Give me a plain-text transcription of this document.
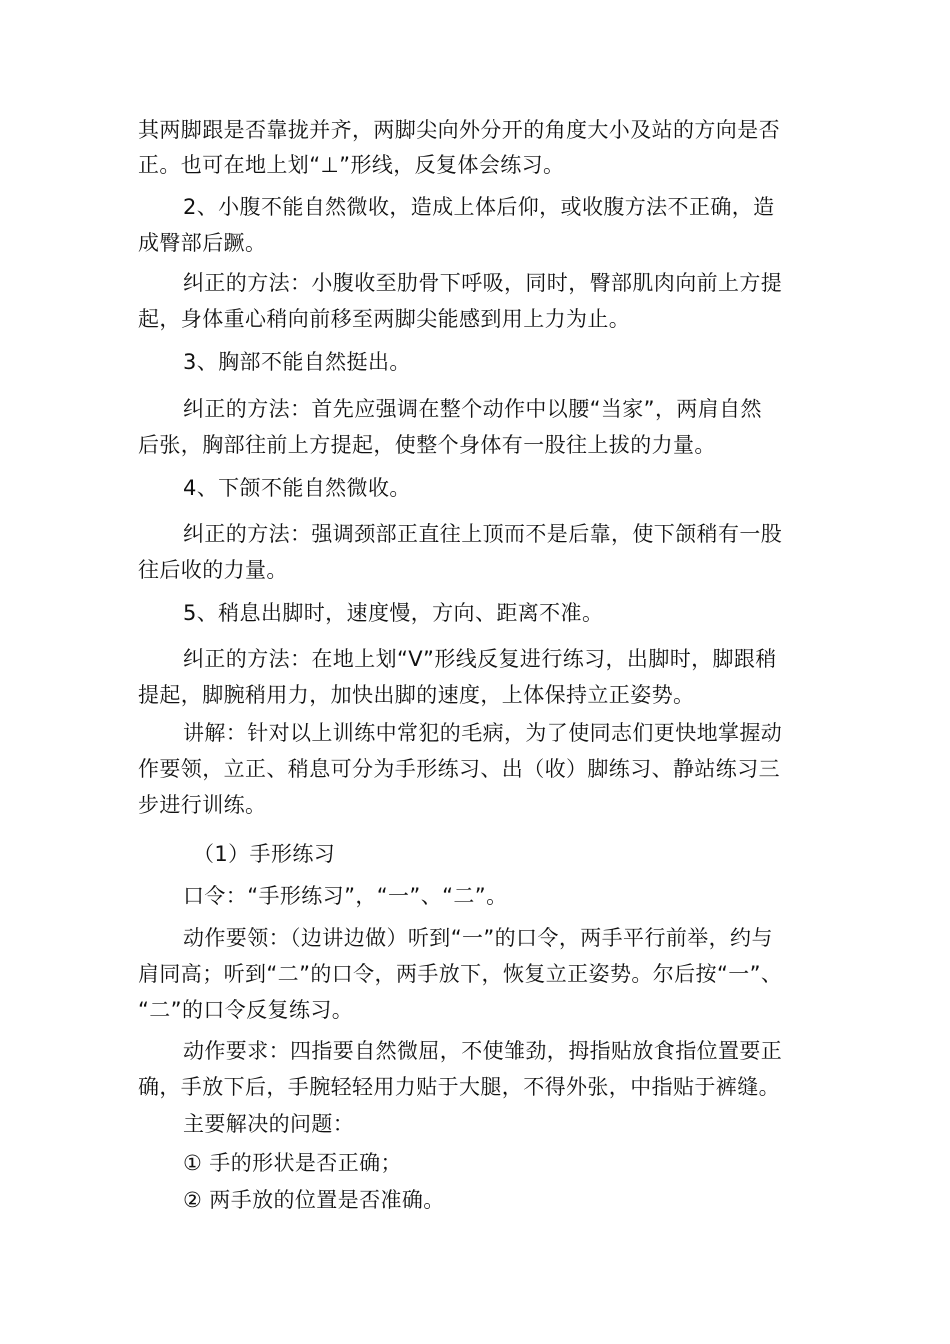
其两脚跟是否靠拢并齐，两脚尖向外分开的角度大小及站的方向是否
正。也可在地上划“⊥”形线，反复体会练习。
2、小腹不能自然微收，造成上体后仰，或收腹方法不正确，造
成臀部后蹶。
纠正的方法：小腹收至肋骨下呼吸，同时，臀部肌肉向前上方提
起，身体重心稍向前移至两脚尖能感到用上力为止。
3、胸部不能自然挺出。
纠正的方法：首先应强调在整个动作中以腰“当家”，两肩自然
后张，胸部往前上方提起，使整个身体有一股往上拔的力量。
4、下颌不能自然微收。
纠正的方法：强调颈部正直往上顶而不是后靠，使下颌稍有一股
往后收的力量。
5、稍息出脚时，速度慢，方向、距离不准。
纠正的方法：在地上划“V”形线反复进行练习，出脚时，脚跟稍
提起，脚腕稍用力，加快出脚的速度，上体保持立正姿势。
讲解：针对以上训练中常犯的毛病，为了使同志们更快地掌握动
作要领，立正、稍息可分为手形练习、出（收）脚练习、静站练习三
步进行训练。
（1）手形练习
口令：“手形练习”，“一”、“二”。
动作要领：（边讲边做）听到“一”的口令，两手平行前举，约与
肩同高；听到“二”的口令，两手放下，恢复立正姿势。尔后按“一”、
“二”的口令反复练习。
动作要求：四指要自然微屈，不使雏劲，拇指贴放食指位置要正
确，手放下后，手腕轻轻用力贴于大腿，不得外张，中指贴于裤缝。
主要解决的问题：
① 手的形状是否正确；
② 两手放的位置是否准确。
